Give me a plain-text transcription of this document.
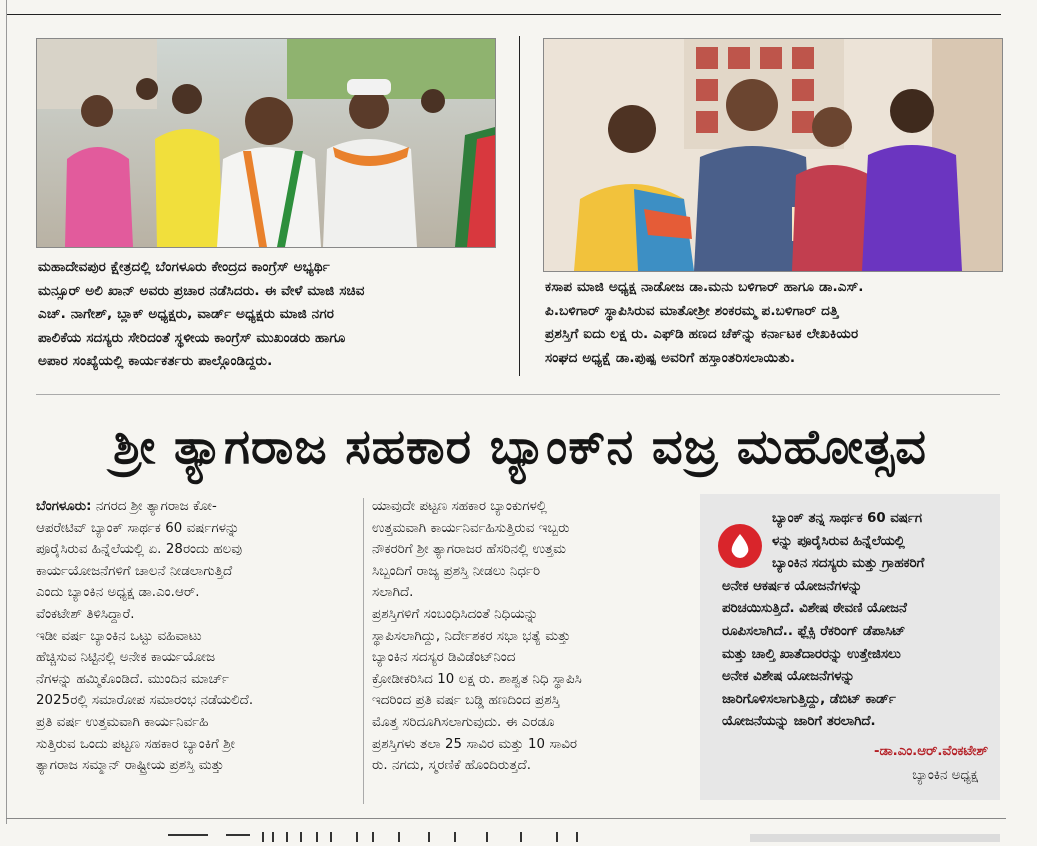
ಮಹಾದೇವಪುರ ಕ್ಷೇತ್ರದಲ್ಲಿ ಬೆಂಗಳೂರು ಕೇಂದ್ರದ ಕಾಂಗ್ರೆಸ್ ಅಭ್ಯರ್ಥಿ

ಮನ್ಸೂರ್ ಅಲಿ ಖಾನ್ ಅವರು ಪ್ರಚಾರ ನಡೆಸಿದರು. ಈ ವೇಳೆ ಮಾಜಿ ಸಚಿವ

ಎಚ್. ನಾಗೇಶ್, ಬ್ಲಾಕ್ ಅಧ್ಯಕ್ಷರು, ವಾರ್ಡ್ ಅಧ್ಯಕ್ಷರು ಮಾಜಿ ನಗರ

ಪಾಲಿಕೆಯ ಸದಸ್ಯರು ಸೇರಿದಂತೆ ಸ್ಥಳೀಯ ಕಾಂಗ್ರೆಸ್ ಮುಖಂಡರು ಹಾಗೂ

ಅಪಾರ ಸಂಖ್ಯೆಯಲ್ಲಿ ಕಾರ್ಯಕರ್ತರು ಪಾಲ್ಗೊಂಡಿದ್ದರು.

ಕಸಾಪ ಮಾಜಿ ಅಧ್ಯಕ್ಷ ನಾಡೋಜ ಡಾ.ಮನು ಬಳಿಗಾರ್ ಹಾಗೂ ಡಾ.ಎಸ್.

ಪಿ.ಬಳಿಗಾರ್ ಸ್ಥಾಪಿಸಿರುವ ಮಾತೋಶ್ರೀ ಶಂಕರಮ್ಮ ಪ.ಬಳಿಗಾರ್ ದತ್ತಿ

ಪ್ರಶಸ್ತಿಗೆ ಐದು ಲಕ್ಷ ರು. ಎಫ್‌ಡಿ ಹಣದ ಚೆಕ್‌ನ್ನು ಕರ್ನಾಟಕ ಲೇಖಕಿಯರ

ಸಂಘದ ಅಧ್ಯಕ್ಷೆ ಡಾ.ಪುಷ್ಪ ಅವರಿಗೆ ಹಸ್ತಾಂತರಿಸಲಾಯಿತು.

ಶ್ರೀ ತ್ಯಾಗರಾಜ ಸಹಕಾರ ಬ್ಯಾಂಕ್‌ನ ವಜ್ರ ಮಹೋತ್ಸವ

ಬೆಂಗಳೂರು: ನಗರದ ಶ್ರೀ ತ್ಯಾಗರಾಜ ಕೋ-

ಆಪರೇಟಿವ್ ಬ್ಯಾಂಕ್ ಸಾರ್ಥಕ 60 ವರ್ಷಗಳನ್ನು

ಪೂರೈಸಿರುವ ಹಿನ್ನೆಲೆಯಲ್ಲಿ ಏ. 28ರಂದು ಹಲವು

ಕಾರ್ಯಯೋಜನೆಗಳಿಗೆ ಚಾಲನೆ ನೀಡಲಾಗುತ್ತಿದೆ

ಎಂದು ಬ್ಯಾಂಕಿನ ಅಧ್ಯಕ್ಷ ಡಾ.ಎಂ.ಆರ್.

ವೆಂಕಟೇಶ್ ತಿಳಿಸಿದ್ದಾರೆ.

ಇಡೀ ವರ್ಷ ಬ್ಯಾಂಕಿನ ಒಟ್ಟು ವಹಿವಾಟು

ಹೆಚ್ಚಿಸುವ ನಿಟ್ಟಿನಲ್ಲಿ ಅನೇಕ ಕಾರ್ಯಯೋಜ

ನೆಗಳನ್ನು ಹಮ್ಮಿಕೊಂಡಿದೆ. ಮುಂದಿನ ಮಾರ್ಚ್

2025ರಲ್ಲಿ ಸಮಾರೋಪ ಸಮಾರಂಭ ನಡೆಯಲಿದೆ.

ಪ್ರತಿ ವರ್ಷ ಉತ್ತಮವಾಗಿ ಕಾರ್ಯನಿರ್ವಹಿ

ಸುತ್ತಿರುವ ಒಂದು ಪಟ್ಟಣ ಸಹಕಾರ ಬ್ಯಾಂಕಿಗೆ ಶ್ರೀ

ತ್ಯಾಗರಾಜ ಸಮ್ಮಾನ್ ರಾಷ್ಟ್ರೀಯ ಪ್ರಶಸ್ತಿ ಮತ್ತು

ಯಾವುದೇ ಪಟ್ಟಣ ಸಹಕಾರ ಬ್ಯಾಂಕುಗಳಲ್ಲಿ

ಉತ್ತಮವಾಗಿ ಕಾರ್ಯನಿರ್ವಹಿಸುತ್ತಿರುವ ಇಬ್ಬರು

ನೌಕರರಿಗೆ ಶ್ರೀ ತ್ಯಾಗರಾಜರ ಹೆಸರಿನಲ್ಲಿ ಉತ್ತಮ

ಸಿಬ್ಬಂದಿಗೆ ರಾಜ್ಯ ಪ್ರಶಸ್ತಿ ನೀಡಲು ನಿರ್ಧರಿ

ಸಲಾಗಿದೆ.

ಪ್ರಶಸ್ತಿಗಳಿಗೆ ಸಂಬಂಧಿಸಿದಂತೆ ನಿಧಿಯನ್ನು

ಸ್ಥಾಪಿಸಲಾಗಿದ್ದು, ನಿರ್ದೇಶಕರ ಸಭಾ ಭತ್ಯೆ ಮತ್ತು

ಬ್ಯಾಂಕಿನ ಸದಸ್ಯರ ಡಿವಿಡೆಂಟ್‌ನಿಂದ

ಕ್ರೋಡೀಕರಿಸಿದ 10 ಲಕ್ಷ ರು. ಶಾಶ್ವತ ನಿಧಿ ಸ್ಥಾಪಿಸಿ

ಇದರಿಂದ ಪ್ರತಿ ವರ್ಷ ಬಡ್ಡಿ ಹಣದಿಂದ ಪ್ರಶಸ್ತಿ

ಮೊತ್ತ ಸರಿದೂಗಿಸಲಾಗುವುದು. ಈ ಎರಡೂ

ಪ್ರಶಸ್ತಿಗಳು ತಲಾ 25 ಸಾವಿರ ಮತ್ತು 10 ಸಾವಿರ

ರು. ನಗದು, ಸ್ಮರಣಿಕೆ ಹೊಂದಿರುತ್ತದೆ.

ಬ್ಯಾಂಕ್ ತನ್ನ ಸಾರ್ಥಕ 60 ವರ್ಷಗ
ಳನ್ನು ಪೂರೈಸಿರುವ ಹಿನ್ನೆಲೆಯಲ್ಲಿ
ಬ್ಯಾಂಕಿನ ಸದಸ್ಯರು ಮತ್ತು ಗ್ರಾಹಕರಿಗೆ
ಅನೇಕ ಆಕರ್ಷಕ ಯೋಜನೆಗಳನ್ನು
ಪರಿಚಯಿಸುತ್ತಿದೆ. ವಿಶೇಷ ಠೇವಣಿ ಯೋಜನೆ
ರೂಪಿಸಲಾಗಿದೆ.. ಫ್ಲೆಕ್ಸಿ ರೆಕರಿಂಗ್ ಡೆಪಾಸಿಟ್
ಮತ್ತು ಚಾಲ್ತಿ ಖಾತೆದಾರರನ್ನು ಉತ್ತೇಜಿಸಲು
ಅನೇಕ ವಿಶೇಷ ಯೋಜನೆಗಳನ್ನು
ಜಾರಿಗೊಳಿಸಲಾಗುತ್ತಿದ್ದು, ಡೆಬಿಟ್ ಕಾರ್ಡ್
ಯೋಜನೆಯನ್ನು ಜಾರಿಗೆ ತರಲಾಗಿದೆ.
-ಡಾ.ಎಂ.ಆರ್.ವೆಂಕಟೇಶ್
ಬ್ಯಾಂಕಿನ ಅಧ್ಯಕ್ಷ
